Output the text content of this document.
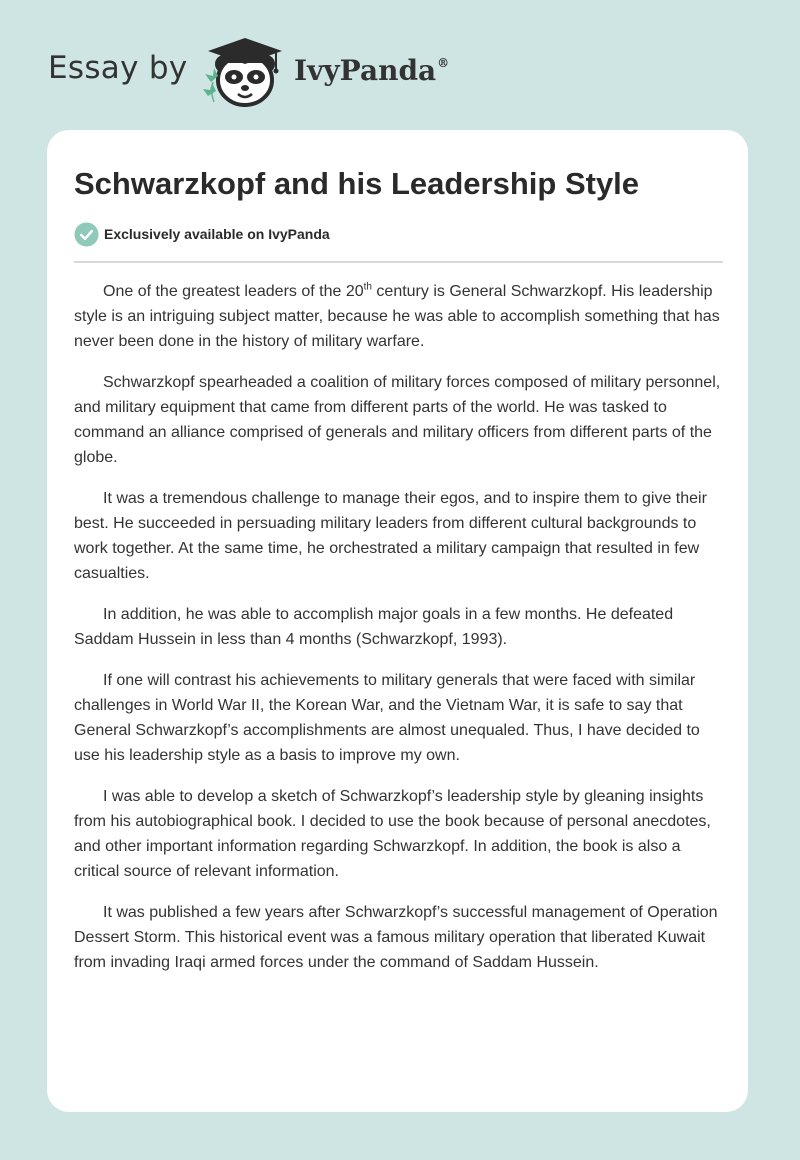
Essay by	IvyPanda®
Schwarzkopf and his Leadership Style
Exclusively available on IvyPanda

One of the greatest leaders of the 20th century is General Schwarzkopf. His leadership style is an intriguing subject matter, because he was able to accomplish something that has never been done in the history of military warfare.

Schwarzkopf spearheaded a coalition of military forces composed of military personnel, and military equipment that came from different parts of the world. He was tasked to command an alliance comprised of generals and military officers from different parts of the globe.

It was a tremendous challenge to manage their egos, and to inspire them to give their best. He succeeded in persuading military leaders from different cultural backgrounds to work together. At the same time, he orchestrated a military campaign that resulted in few casualties.

In addition, he was able to accomplish major goals in a few months. He defeated Saddam Hussein in less than 4 months (Schwarzkopf, 1993).

If one will contrast his achievements to military generals that were faced with similar challenges in World War II, the Korean War, and the Vietnam War, it is safe to say that General Schwarzkopf’s accomplishments are almost unequaled. Thus, I have decided to use his leadership style as a basis to improve my own.

I was able to develop a sketch of Schwarzkopf’s leadership style by gleaning insights from his autobiographical book. I decided to use the book because of personal anecdotes, and other important information regarding Schwarzkopf. In addition, the book is also a critical source of relevant information.

It was published a few years after Schwarzkopf’s successful management of Operation Dessert Storm. This historical event was a famous military operation that liberated Kuwait from invading Iraqi armed forces under the command of Saddam Hussein.
